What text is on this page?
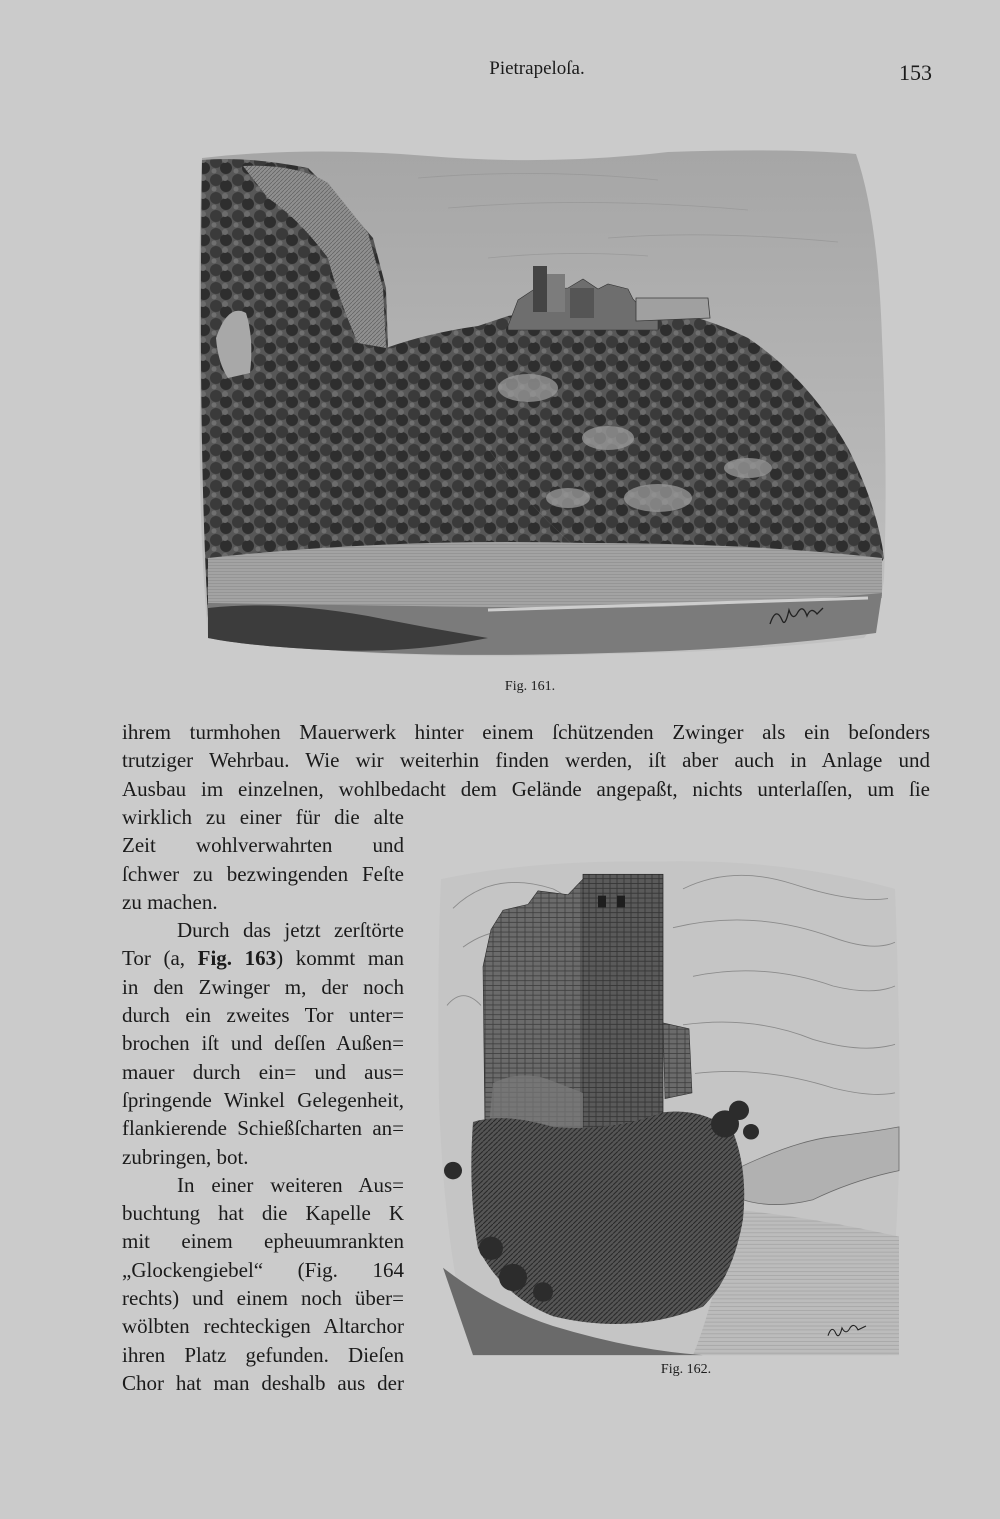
Pietrapeloſa.	153
Fig. 161.
ihrem turmhohen Mauerwerk hinter einem ſchützenden Zwinger als ein beſonders
trutziger Wehrbau. Wie wir weiterhin finden werden, iſt aber auch in Anlage und
Ausbau im einzelnen, wohlbedacht dem Gelände angepaßt, nichts unterlaſſen, um ſie
wirklich zu einer für die alte
Zeit wohlverwahrten und
ſchwer zu bezwingenden Feſte
zu machen.
Durch das jetzt zerſtörte
Tor (a, Fig. 163) kommt man
in den Zwinger m, der noch
durch ein zweites Tor unter=
brochen iſt und deſſen Außen=
mauer durch ein= und aus=
ſpringende Winkel Gelegenheit,
flankierende Schießſcharten an=
zubringen, bot.
In einer weiteren Aus=
buchtung hat die Kapelle K
mit einem epheuumrankten
„Glockengiebel“ (Fig. 164
rechts) und einem noch über=
wölbten rechteckigen Altarchor
ihren Platz gefunden. Dieſen
Chor hat man deshalb aus der
Fig. 162.
